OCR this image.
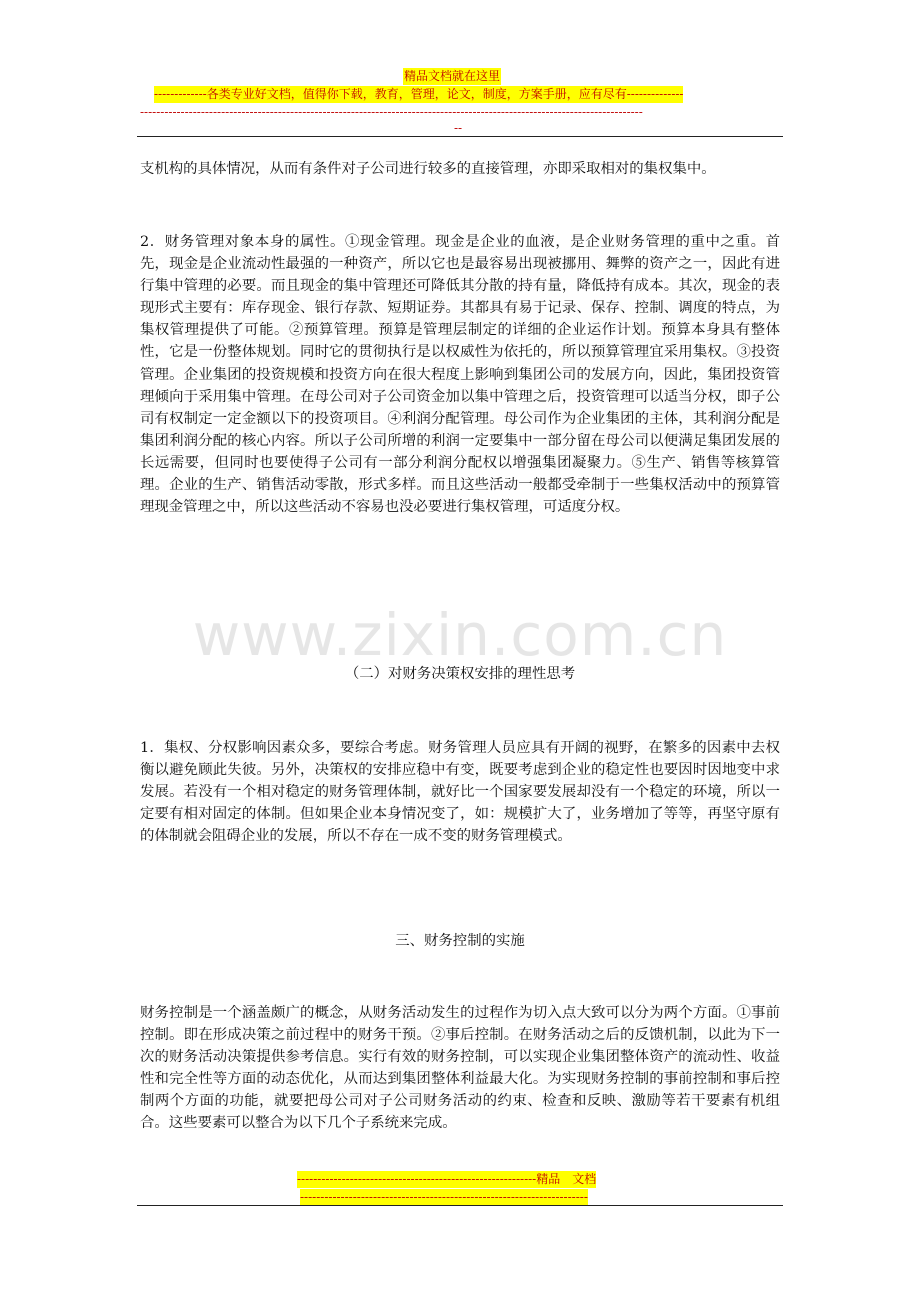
精品文档就在这里
-------------各类专业好文档，值得你下载，教育，管理，论文，制度，方案手册，应有尽有--------------
----------------------------------------------------------------------------------------------------------------------------
--
www.zixin.com.cn

支机构的具体情况，从而有条件对子公司进行较多的直接管理，亦即采取相对的集权集中。

2．财务管理对象本身的属性。①现金管理。现金是企业的血液，是企业财务管理的重中之重。首先，现金是企业流动性最强的一种资产，所以它也是最容易出现被挪用、舞弊的资产之一，因此有进行集中管理的必要。而且现金的集中管理还可降低其分散的持有量，降低持有成本。其次，现金的表现形式主要有：库存现金、银行存款、短期证券。其都具有易于记录、保存、控制、调度的特点，为集权管理提供了可能。②预算管理。预算是管理层制定的详细的企业运作计划。预算本身具有整体性，它是一份整体规划。同时它的贯彻执行是以权威性为依托的，所以预算管理宜采用集权。③投资管理。企业集团的投资规模和投资方向在很大程度上影响到集团公司的发展方向，因此，集团投资管理倾向于采用集中管理。在母公司对子公司资金加以集中管理之后，投资管理可以适当分权，即子公司有权制定一定金额以下的投资项目。④利润分配管理。母公司作为企业集团的主体，其利润分配是集团利润分配的核心内容。所以子公司所增的利润一定要集中一部分留在母公司以便满足集团发展的长远需要，但同时也要使得子公司有一部分利润分配权以增强集团凝聚力。⑤生产、销售等核算管理。企业的生产、销售活动零散，形式多样。而且这些活动一般都受牵制于一些集权活动中的预算管理现金管理之中，所以这些活动不容易也没必要进行集权管理，可适度分权。

（二）对财务决策权安排的理性思考

1．集权、分权影响因素众多，要综合考虑。财务管理人员应具有开阔的视野，在繁多的因素中去权衡以避免顾此失彼。另外，决策权的安排应稳中有变，既要考虑到企业的稳定性也要因时因地变中求发展。若没有一个相对稳定的财务管理体制，就好比一个国家要发展却没有一个稳定的环境，所以一定要有相对固定的体制。但如果企业本身情况变了，如：规模扩大了，业务增加了等等，再坚守原有的体制就会阻碍企业的发展，所以不存在一成不变的财务管理模式。

三、财务控制的实施

财务控制是一个涵盖颇广的概念，从财务活动发生的过程作为切入点大致可以分为两个方面。①事前控制。即在形成决策之前过程中的财务干预。②事后控制。在财务活动之后的反馈机制，以此为下一次的财务活动决策提供参考信息。实行有效的财务控制，可以实现企业集团整体资产的流动性、收益性和完全性等方面的动态优化，从而达到集团整体利益最大化。为实现财务控制的事前控制和事后控制两个方面的功能，就要把母公司对子公司财务活动的约束、检查和反映、激励等若干要素有机组合。这些要素可以整合为以下几个子系统来完成。

-----------------------------------------------------------精品　文档
-----------------------------------------------------------------------
